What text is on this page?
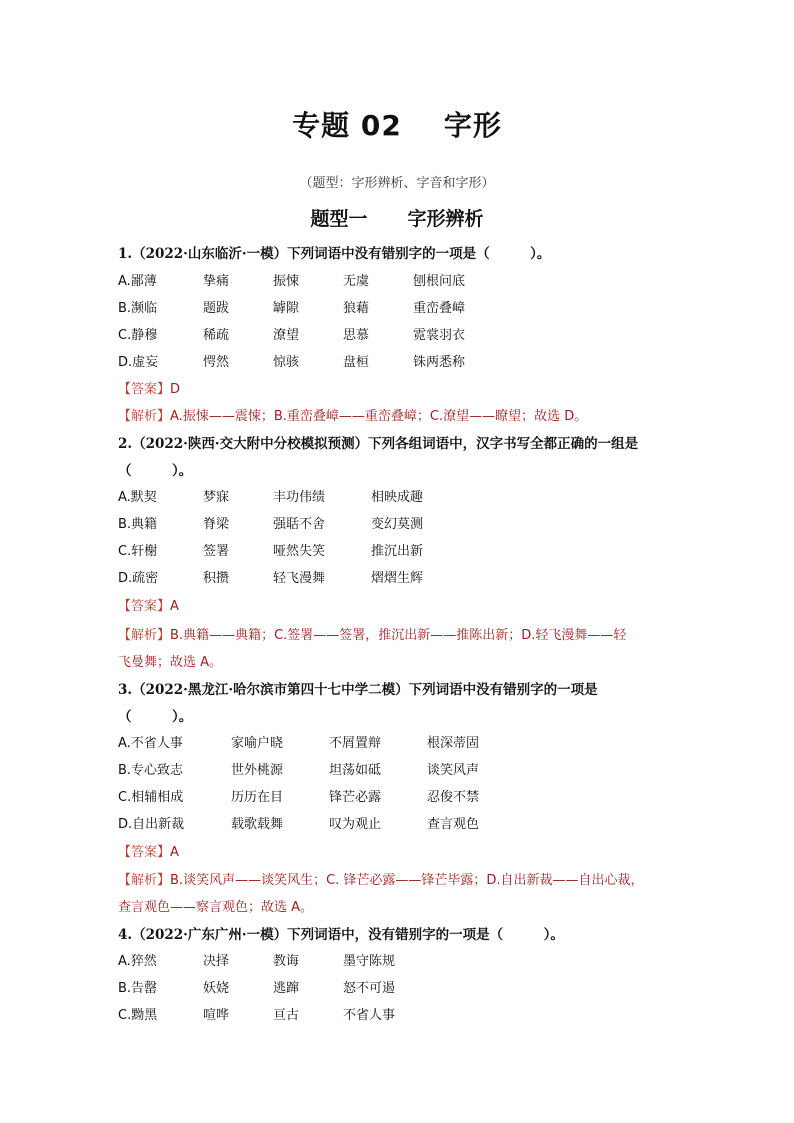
专题 02 字形
（题型：字形辨析、字音和字形）
题型一 字形辨析
1.（2022·山东临沂·一模）下列词语中没有错别字的一项是（　　　）。
A.鄙薄	挚痛	振悚	无虞	刨根问底
B.濒临	题跋	罅隙	狼藉	重峦叠嶂
C.静穆	稀疏	潦望	思慕	霓裳羽衣
D.虚妄	愕然	惊骇	盘桓	铢两悉称
【答案】D
【解析】A.振悚——震悚；B.重峦叠嶂——重峦叠嶂；C.潦望——瞭望；故选 D。
2.（2022·陕西·交大附中分校模拟预测）下列各组词语中，汉字书写全都正确的一组是
（　　　）。
A.默契	梦寐	丰功伟绩	相映成趣
B.典籍	脊梁	强聒不舍	变幻莫测
C.轩榭	签署	哑然失笑	推沉出新
D.疏密	积攒	轻飞漫舞	熠熠生辉
【答案】A
【解析】B.典籍——典籍；C.签署——签署，推沉出新——推陈出新；D.轻飞漫舞——轻
飞曼舞；故选 A。
3.（2022·黑龙江·哈尔滨市第四十七中学二模）下列词语中没有错别字的一项是
（　　　）。
A.不省人事	家喻户晓	不屑置辩	根深蒂固
B.专心致志	世外桃源	坦荡如砥	谈笑风声
C.相辅相成	历历在目	锋芒必露	忍俊不禁
D.自出新裁	载歌载舞	叹为观止	查言观色
【答案】A
【解析】B.谈笑风声——谈笑风生；C. 锋芒必露——锋芒毕露；D.自出新裁——自出心裁，
查言观色——察言观色；故选 A。
4.（2022·广东广州·一模）下列词语中，没有错别字的一项是（　　　）。
A.猝然	决择	教诲	墨守陈规
B.告罄	妖娆	逃蹿	怒不可遏
C.黝黑	喧哗	亘古	不省人事
